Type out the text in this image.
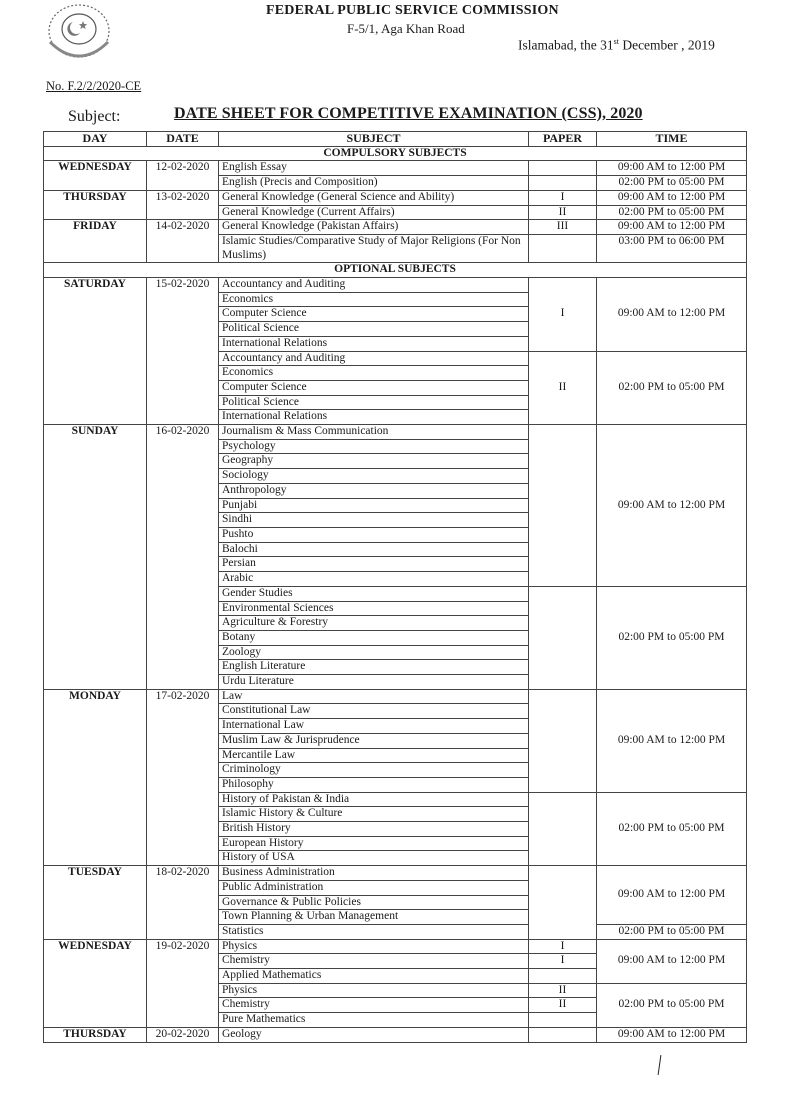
FEDERAL PUBLIC SERVICE COMMISSION
F-5/1, Aga Khan Road
Islamabad, the 31st December , 2019
No. F.2/2/2020-CE
Subject:	DATE SHEET FOR COMPETITIVE EXAMINATION (CSS), 2020
DAY	DATE	SUBJECT	PAPER	TIME
COMPULSORY SUBJECTS				
WEDNESDAY	12-02-2020	English Essay		09:00 AM to 12:00 PM
		English (Precis and Composition)		02:00 PM to 05:00 PM
THURSDAY	13-02-2020	General Knowledge (General Science and Ability)	I	09:00 AM to 12:00 PM
		General Knowledge (Current Affairs)	II	02:00 PM to 05:00 PM
FRIDAY	14-02-2020	General Knowledge (Pakistan Affairs)	III	09:00 AM to 12:00 PM
		Islamic Studies/Comparative Study of Major Religions (For Non Muslims)		03:00 PM to 06:00 PM
OPTIONAL SUBJECTS				
SATURDAY	15-02-2020	Accountancy and Auditing	I	09:00 AM to 12:00 PM
		Economics		
		Computer Science		
		Political Science		
		International Relations		
		Accountancy and Auditing	II	02:00 PM to 05:00 PM
		Economics		
		Computer Science		
		Political Science		
		International Relations		
SUNDAY	16-02-2020	Journalism & Mass Communication		09:00 AM to 12:00 PM
		Psychology		
		Geography		
		Sociology		
		Anthropology		
		Punjabi		
		Sindhi		
		Pushto		
		Balochi		
		Persian		
		Arabic		
		Gender Studies		02:00 PM to 05:00 PM
		Environmental Sciences		
		Agriculture & Forestry		
		Botany		
		Zoology		
		English Literature		
		Urdu Literature		
MONDAY	17-02-2020	Law		09:00 AM to 12:00 PM
		Constitutional Law		
		International Law		
		Muslim Law & Jurisprudence		
		Mercantile Law		
		Criminology		
		Philosophy		
		History of Pakistan & India		02:00 PM to 05:00 PM
		Islamic History & Culture		
		British History		
		European History		
		History of USA		
TUESDAY	18-02-2020	Business Administration		09:00 AM to 12:00 PM
		Public Administration		
		Governance & Public Policies		
		Town Planning & Urban Management		
		Statistics		02:00 PM to 05:00 PM
WEDNESDAY	19-02-2020	Physics	I	09:00 AM to 12:00 PM
		Chemistry	I	
		Applied Mathematics		
		Physics	II	02:00 PM to 05:00 PM
		Chemistry	II	
		Pure Mathematics		
THURSDAY	20-02-2020	Geology		09:00 AM to 12:00 PM
